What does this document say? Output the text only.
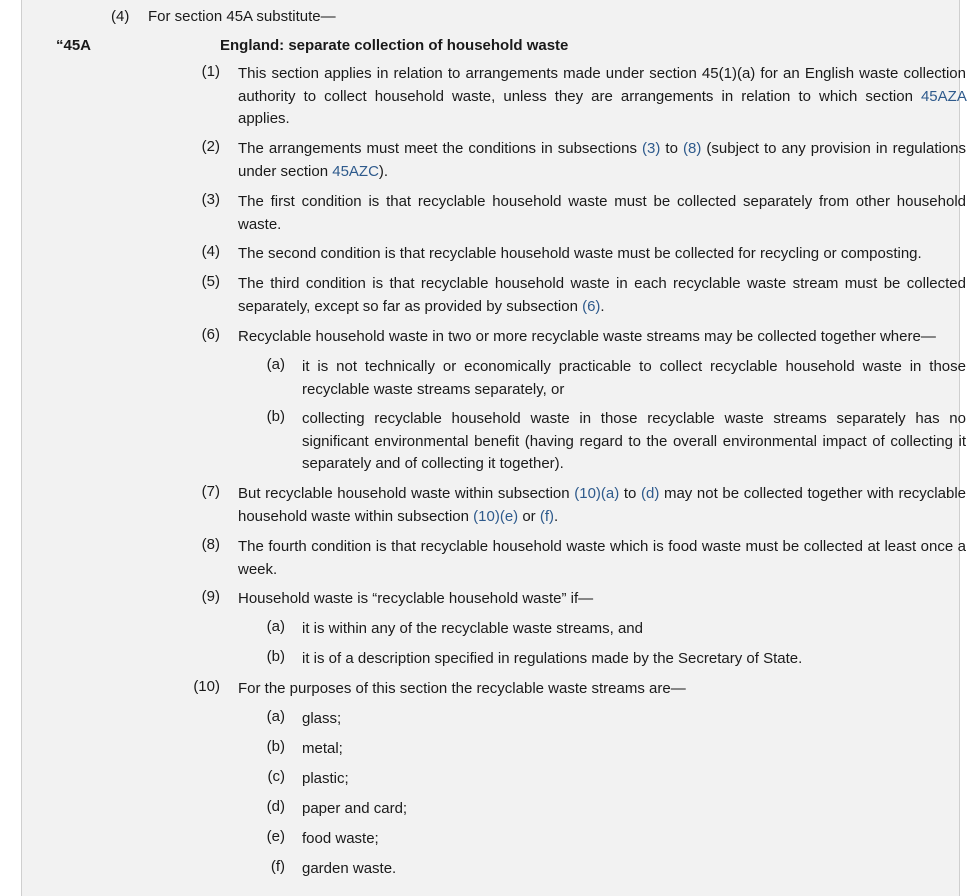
(4) For section 45A substitute—
“45A	England: separate collection of household waste
(1) This section applies in relation to arrangements made under section 45(1)(a) for an English waste collection authority to collect household waste, unless they are arrangements in relation to which section 45AZA applies.
(2) The arrangements must meet the conditions in subsections (3) to (8) (subject to any provision in regulations under section 45AZC).
(3) The first condition is that recyclable household waste must be collected separately from other household waste.
(4) The second condition is that recyclable household waste must be collected for recycling or composting.
(5) The third condition is that recyclable household waste in each recyclable waste stream must be collected separately, except so far as provided by subsection (6).
(6) Recyclable household waste in two or more recyclable waste streams may be collected together where—
(a) it is not technically or economically practicable to collect recyclable household waste in those recyclable waste streams separately, or
(b) collecting recyclable household waste in those recyclable waste streams separately has no significant environmental benefit (having regard to the overall environmental impact of collecting it separately and of collecting it together).
(7) But recyclable household waste within subsection (10)(a) to (d) may not be collected together with recyclable household waste within subsection (10)(e) or (f).
(8) The fourth condition is that recyclable household waste which is food waste must be collected at least once a week.
(9) Household waste is “recyclable household waste” if—
(a) it is within any of the recyclable waste streams, and
(b) it is of a description specified in regulations made by the Secretary of State.
(10) For the purposes of this section the recyclable waste streams are—
(a) glass;
(b) metal;
(c) plastic;
(d) paper and card;
(e) food waste;
(f) garden waste.
